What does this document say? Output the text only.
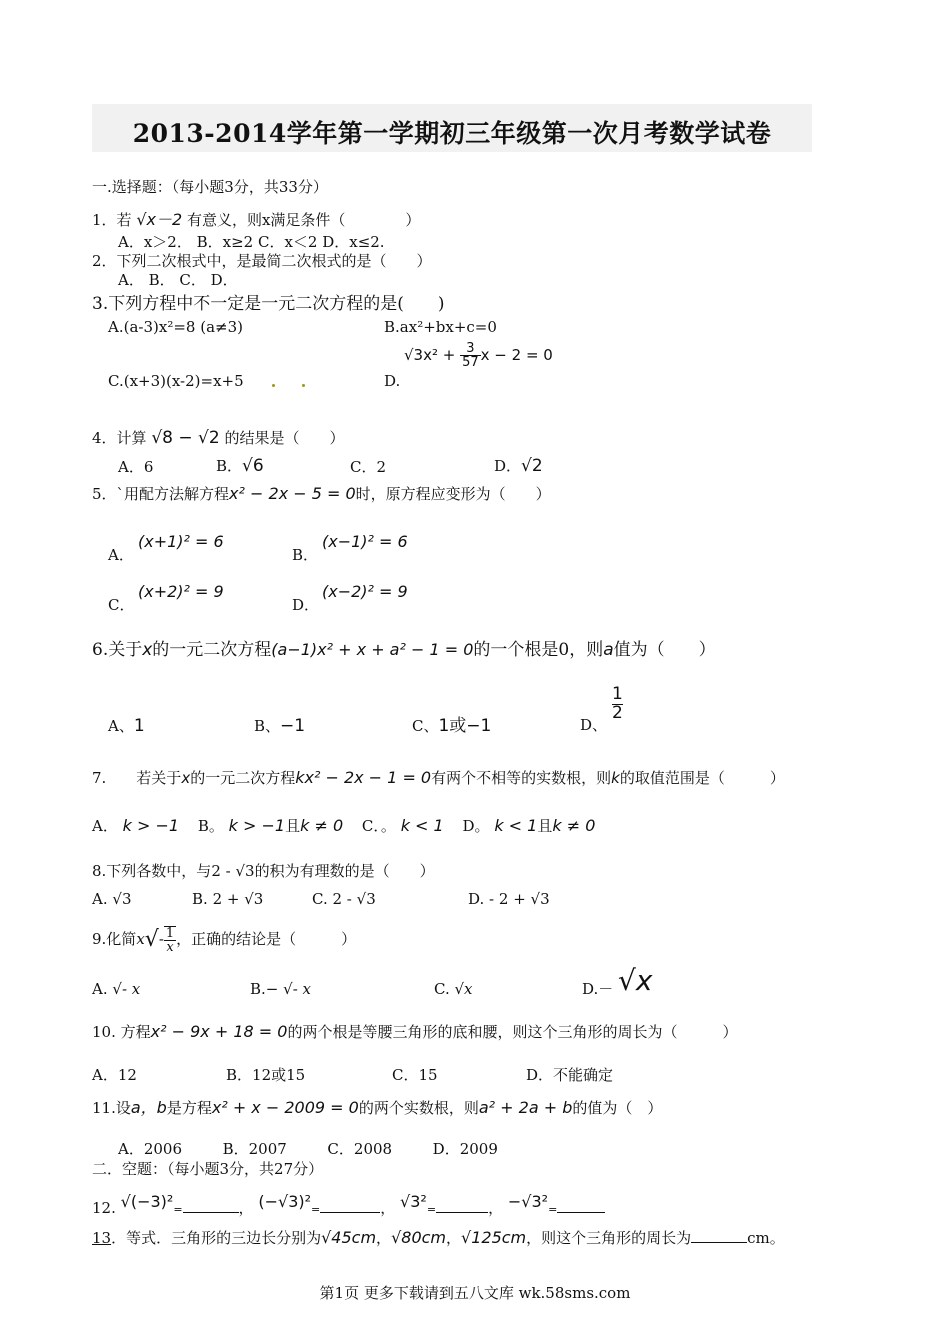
2013-2014学年第一学期初三年级第一次月考数学试卷
一.选择题：（每小题3分，共33分）
1．若 √x－2 有意义，则x满足条件（　　　　）
A．x＞2． B．x≥2 C．x＜2 D．x≤2.
2．下列二次根式中，是最简二次根式的是（　　）
A． B． C． D．
3.下列方程中不一定是一元二次方程的是(　　)
A.(a-3)x²=8 (a≠3)	B.ax²+bx+c=0
C.(x+3)(x-2)=x+5	D.
$√3x^2 + \frac{3}{57}$ x − 2 = 0
4．计算 √8 − √2 的结果是（　　）
A．6	B．√6	C．2	D．√2
5．`用配方法解方程x² − 2x − 5 = 0时，原方程应变形为（　　）
A．
(x+1)² = 6
B．
(x−1)² = 6
C．
(x+2)² = 9
D．
(x−2)² = 9
6.关于x的一元二次方程(a−1)x² + x + a² − 1 = 0的一个根是0，则a值为（　　）
A、1	B、−1	C、1或−1	D、
$\frac{1}{2}$
7.　　若关于x的一元二次方程kx² − 2x − 1 = 0有两个不相等的实数根，则k的取值范围是（　　　）
A． k > −1 B。 k > −1且k ≠ 0 C．。 k < 1 D。 k < 1且k ≠ 0
8.下列各数中，与2 - √3的积为有理数的是（　　）
A. √3	B. 2 + √3	C. 2 - √3	D. - 2 + √3
9.化简$x√- \frac{1}{x}$ ，正确的结论是（　　　）
A. √- x	B.− √- x	C. √x	D.－ √x
10. 方程x² − 9x + 18 = 0的两个根是等腰三角形的底和腰，则这个三角形的周长为（　　　）
A．12	B．12或15	C．15	D．不能确定
11.设a，b是方程x² + x − 2009 = 0的两个实数根，则a² + 2a + b的值为（　）
A．2006      B．2007      C．2008      D．2009
二．空题：（每小题3分，共27分）
12. √(−3)²=	， (−√3)²=	， √3²=	， −√3²=
13．等式．三角形的三边长分别为√45cm，√80cm，√125cm，则这个三角形的周长为	cm。
第1页 更多下载请到五八文库 wk.58sms.com
